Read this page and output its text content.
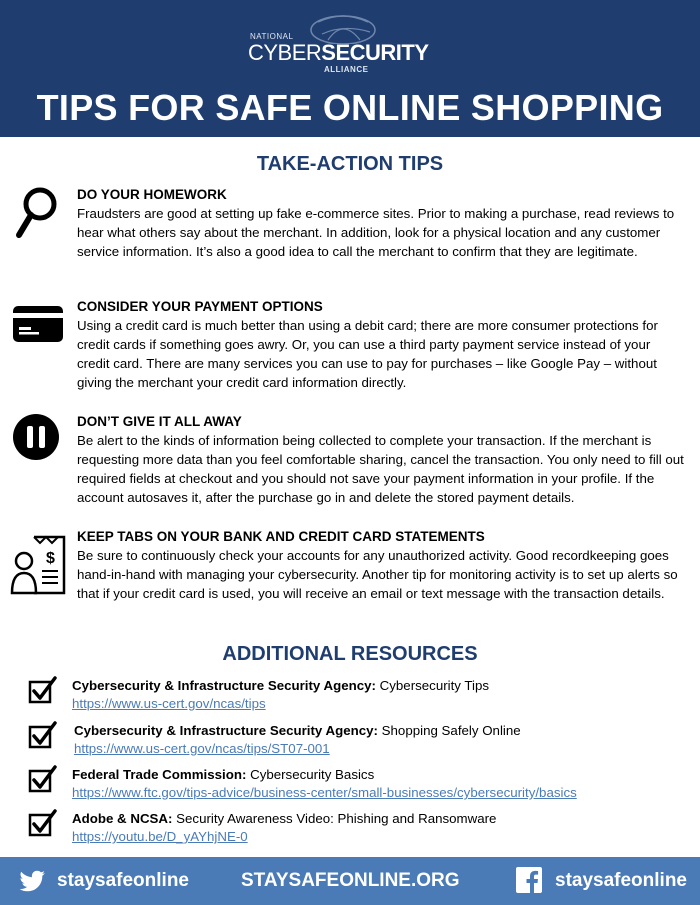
NATIONAL
CYBERSECURITY
ALLIANCE
TIPS FOR SAFE ONLINE SHOPPING
TAKE-ACTION TIPS
DO YOUR HOMEWORK
Fraudsters are good at setting up fake e-commerce sites. Prior to making a purchase, read reviews to hear what others say about the merchant. In addition, look for a physical location and any customer service information. It’s also a good idea to call the merchant to confirm that they are legitimate.
CONSIDER YOUR PAYMENT OPTIONS
Using a credit card is much better than using a debit card; there are more consumer protections for credit cards if something goes awry. Or, you can use a third party payment service instead of your credit card. There are many services you can use to pay for purchases – like Google Pay – without giving the merchant your credit card information directly.
DON’T GIVE IT ALL AWAY
Be alert to the kinds of information being collected to complete your transaction. If the merchant is requesting more data than you feel comfortable sharing, cancel the transaction. You only need to fill out required fields at checkout and you should not save your payment information in your profile. If the account autosaves it, after the purchase go in and delete the stored payment details.
$
KEEP TABS ON YOUR BANK AND CREDIT CARD STATEMENTS
Be sure to continuously check your accounts for any unauthorized activity. Good recordkeeping goes hand-in-hand with managing your cybersecurity. Another tip for monitoring activity is to set up alerts so that if your credit card is used, you will receive an email or text message with the transaction details.
ADDITIONAL RESOURCES
Cybersecurity & Infrastructure Security Agency: Cybersecurity Tips
https://www.us-cert.gov/ncas/tips
Cybersecurity & Infrastructure Security Agency: Shopping Safely Online
https://www.us-cert.gov/ncas/tips/ST07-001
Federal Trade Commission: Cybersecurity Basics
https://www.ftc.gov/tips-advice/business-center/small-businesses/cybersecurity/basics
Adobe & NCSA: Security Awareness Video: Phishing and Ransomware
https://youtu.be/D_yAYhjNE-0
staysafeonline	STAYSAFEONLINE.ORG	staysafeonline
